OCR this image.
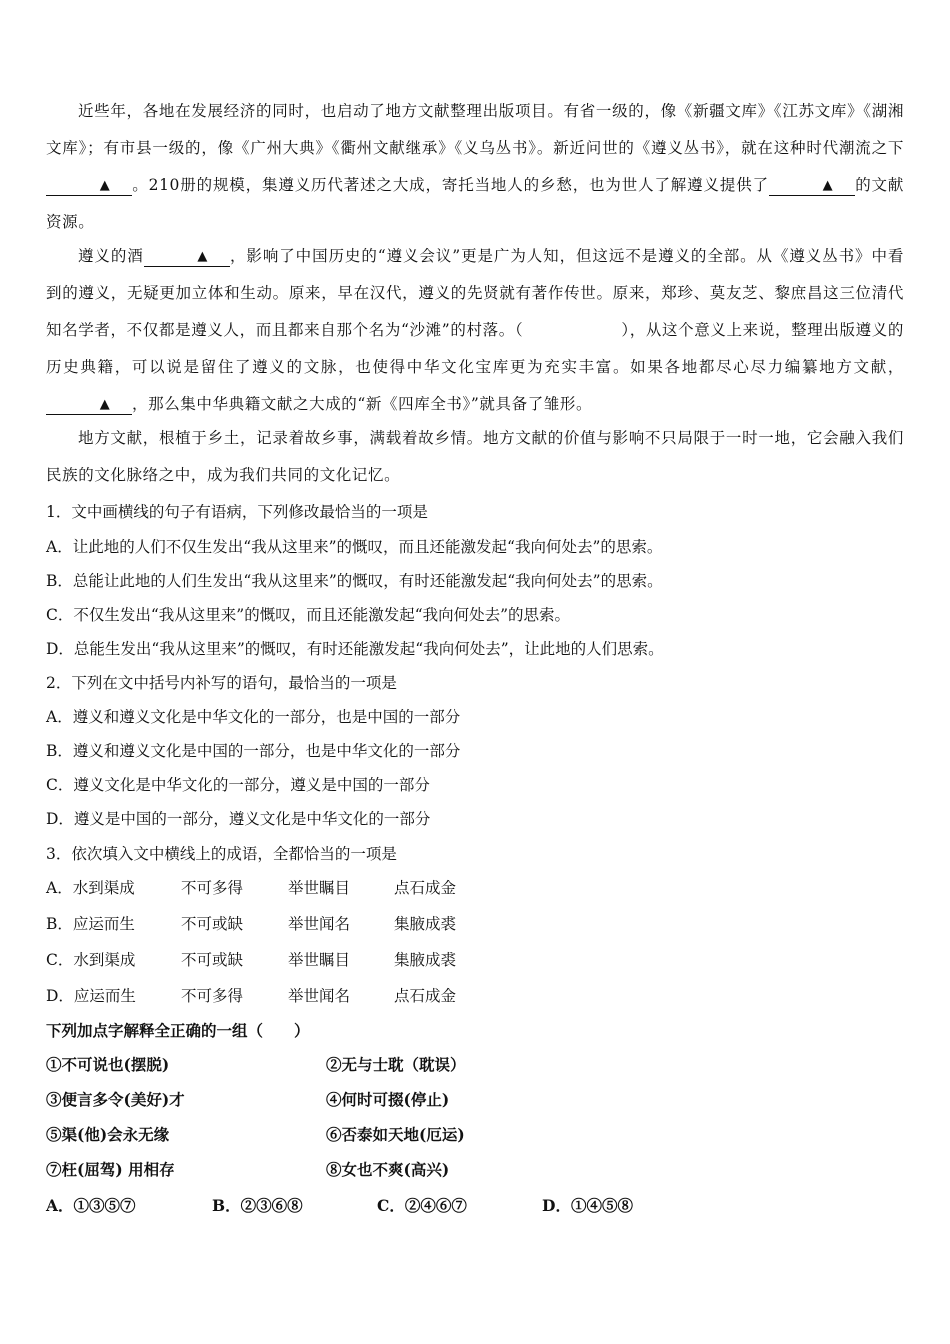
近些年，各地在发展经济的同时，也启动了地方文献整理出版项目。有省一级的，像《新疆文库》《江苏文库》《湖湘文库》；有市县一级的，像《广州大典》《衢州文献继承》《义乌丛书》。新近问世的《遵义丛书》，就在这种时代潮流之下▲ 。210册的规模，集遵义历代著述之大成，寄托当地人的乡愁，也为世人了解遵义提供了	▲ 的文献资源。
遵义的酒	▲ ，影响了中国历史的“遵义会议”更是广为人知，但这远不是遵义的全部。从《遵义丛书》中看到的遵义，无疑更加立体和生动。原来，早在汉代，遵义的先贤就有著作传世。原来，郑珍、莫友芝、黎庶昌这三位清代知名学者，不仅都是遵义人，而且都来自那个名为“沙滩”的村落。（	），从这个意义上来说，整理出版遵义的历史典籍，可以说是留住了遵义的文脉，也使得中华文化宝库更为充实丰富。如果各地都尽心尽力编纂地方文献，▲ ，那么集中华典籍文献之大成的“新《四库全书》”就具备了雏形。
地方文献，根植于乡土，记录着故乡事，满载着故乡情。地方文献的价值与影响不只局限于一时一地，它会融入我们民族的文化脉络之中，成为我们共同的文化记忆。
1．文中画横线的句子有语病，下列修改最恰当的一项是
A．让此地的人们不仅生发出“我从这里来”的慨叹，而且还能激发起“我向何处去”的思索。
B．总能让此地的人们生发出“我从这里来”的慨叹，有时还能激发起“我向何处去”的思索。
C．不仅生发出“我从这里来”的慨叹，而且还能激发起“我向何处去”的思索。
D．总能生发出“我从这里来”的慨叹，有时还能激发起“我向何处去”，让此地的人们思索。
2．下列在文中括号内补写的语句，最恰当的一项是
A．遵义和遵义文化是中华文化的一部分，也是中国的一部分
B．遵义和遵义文化是中国的一部分，也是中华文化的一部分
C．遵义文化是中华文化的一部分，遵义是中国的一部分
D．遵义是中国的一部分，遵义文化是中华文化的一部分
3．依次填入文中横线上的成语，全都恰当的一项是
A．水到渠成	不可多得	举世瞩目	点石成金
B．应运而生	不可或缺	举世闻名	集腋成裘
C．水到渠成	不可或缺	举世瞩目	集腋成裘
D．应运而生	不可多得	举世闻名	点石成金
下列加点字解释全正确的一组（　　）
①不可说也(摆脱)	②无与士耽（耽误）
③便言多令(美好)才	④何时可掇(停止)
⑤渠(他)会永无缘	⑥否泰如天地(厄运)
⑦枉(屈驾) 用相存	⑧女也不爽(高兴)
A．①③⑤⑦	B．②③⑥⑧	C．②④⑥⑦	D．①④⑤⑧
